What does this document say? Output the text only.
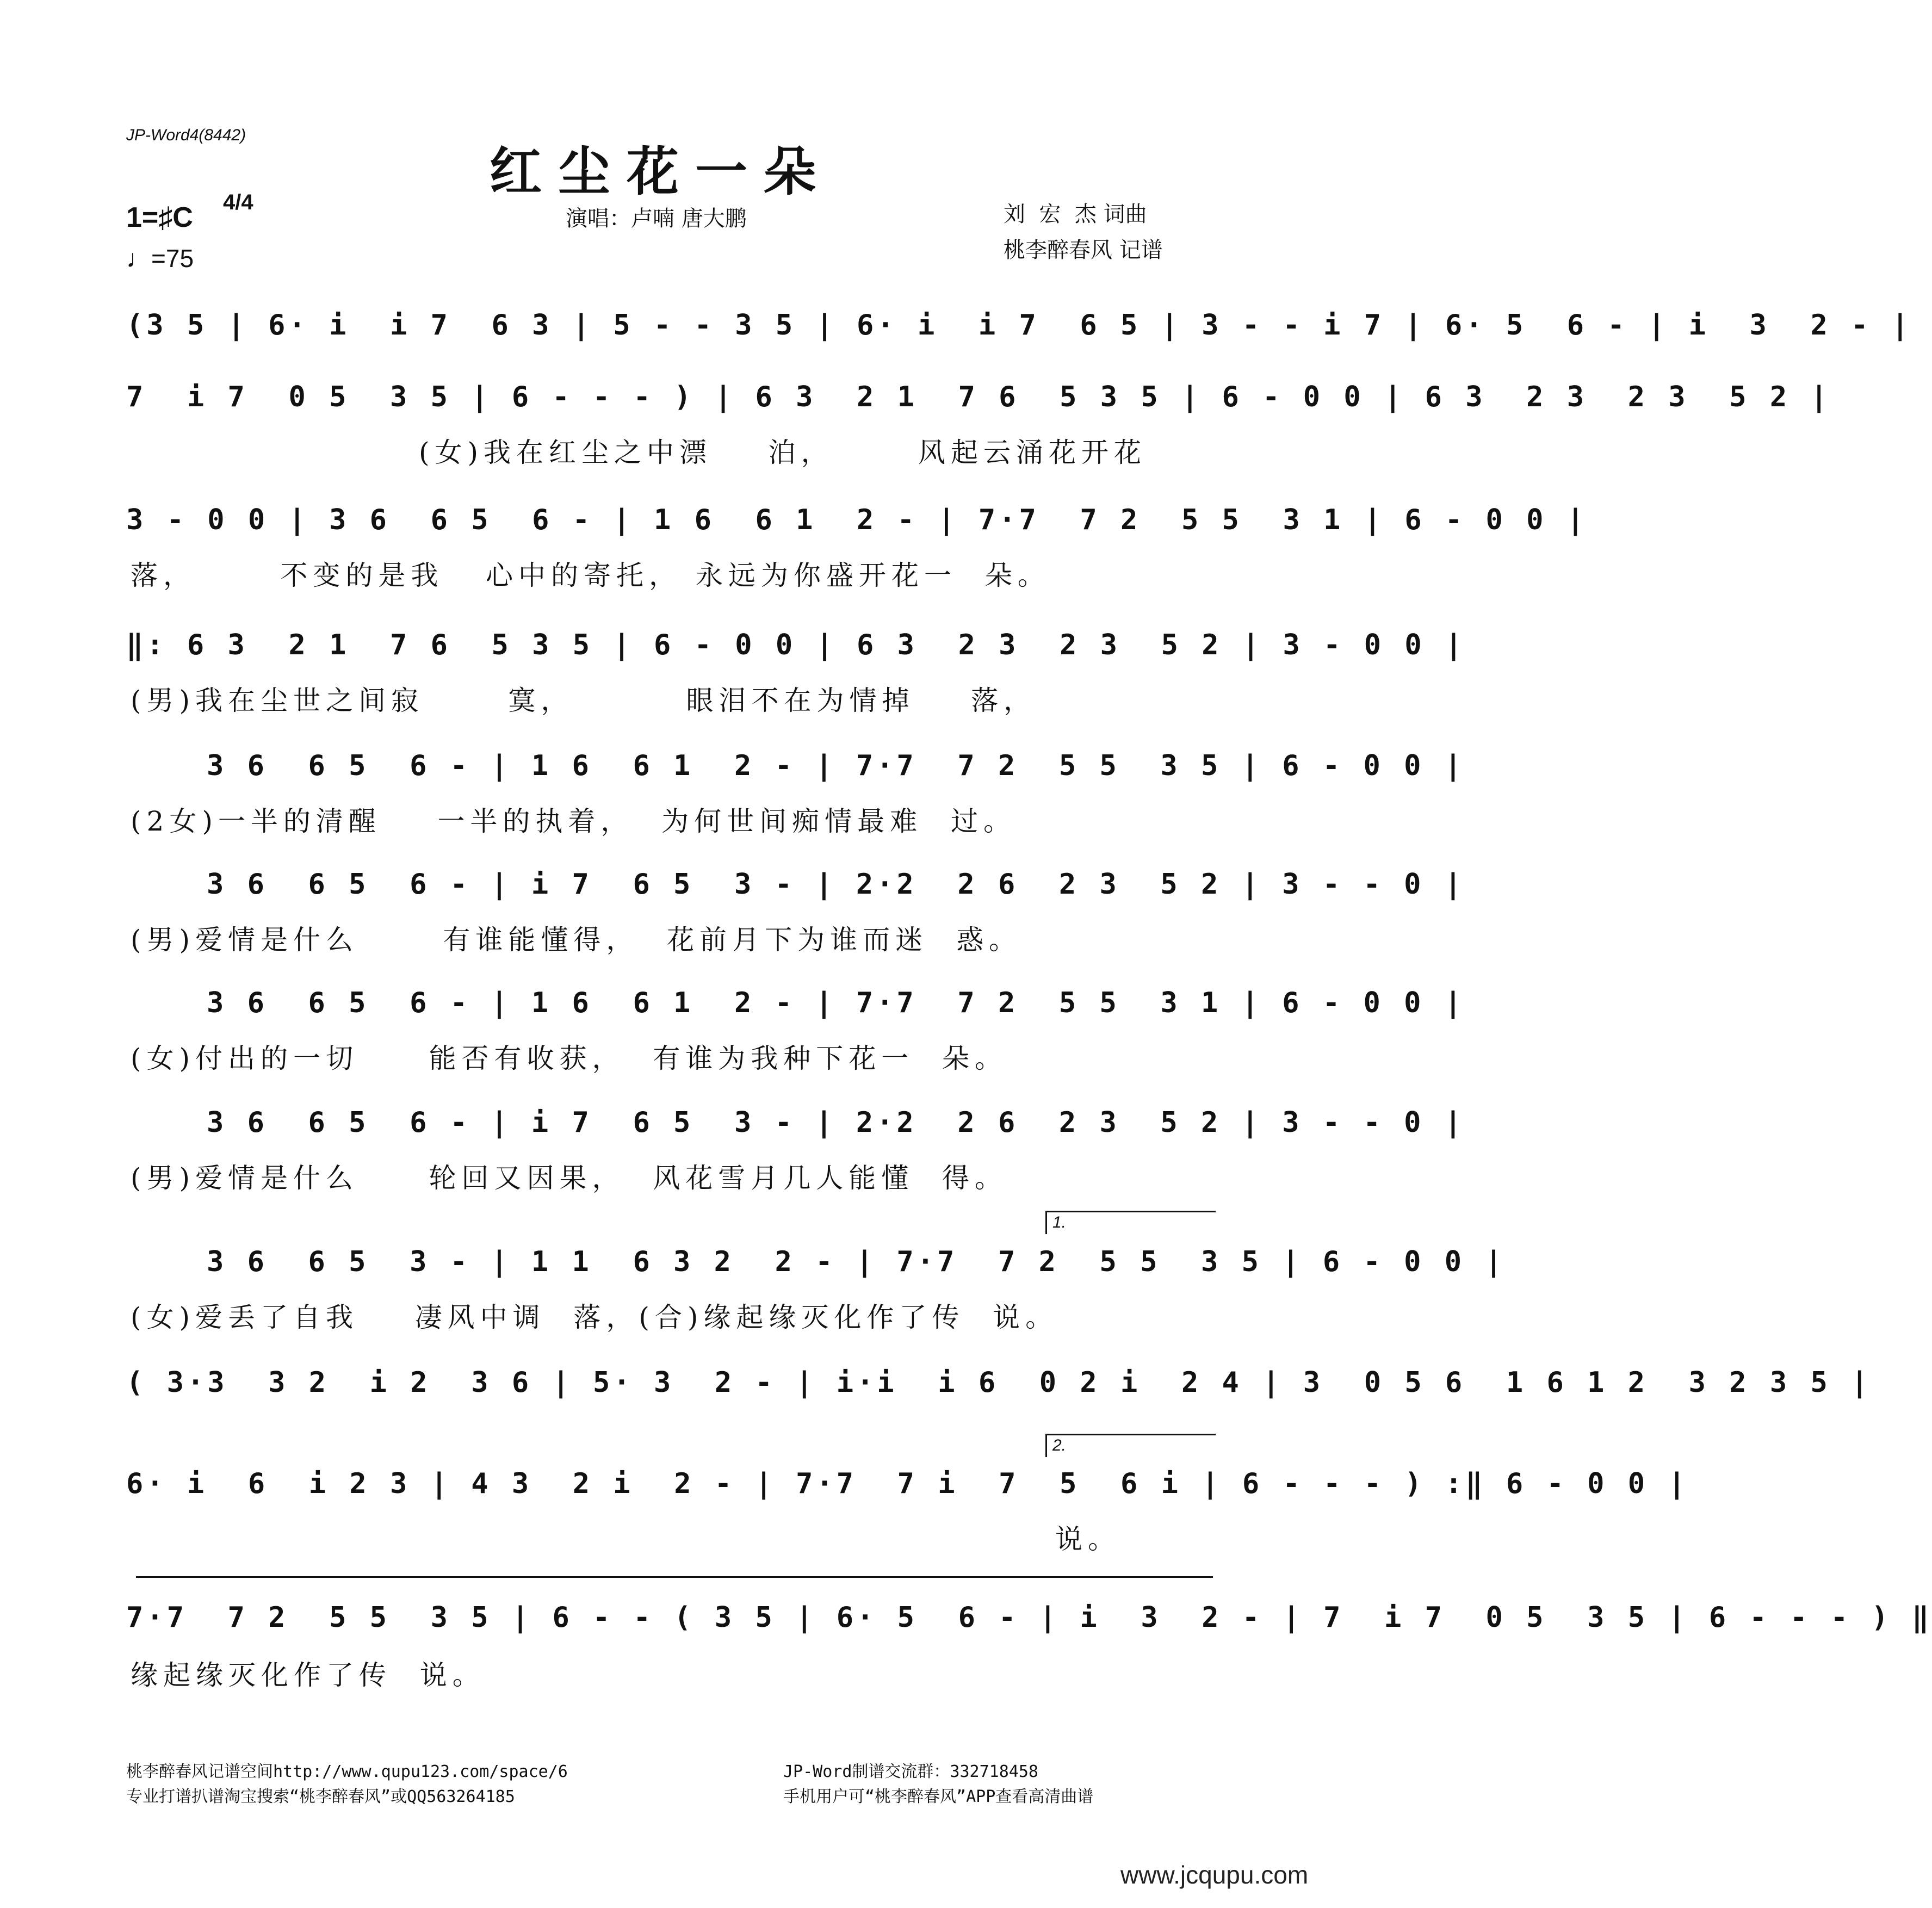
JP-Word4(8442)
红尘花一朵
演唱：卢喃 唐大鹏	刘  宏  杰 词曲
桃李醉春风 记谱
1=♯C 4/4
♩=75
(3 5 | 6· i  i 7  6 3 | 5 - - 3 5 | 6· i  i 7  6 5 | 3 - - i 7 | 6· 5  6 - | i  3  2 - |
7  i 7  0 5  3 5 | 6 - - - ) | 6 3  2 1  7 6  5 3 5 | 6 - 0 0 | 6 3  2 3  2 3  5 2 |
(女)我在红尘之中漂    泊，      风起云涌花开花
3 - 0 0 | 3 6  6 5  6 - | 1 6  6 1  2 - | 7·7  7 2  5 5  3 1 | 6 - 0 0 |
落，      不变的是我   心中的寄托， 永远为你盛开花一  朵。
‖: 6 3  2 1  7 6  5 3 5 | 6 - 0 0 | 6 3  2 3  2 3  5 2 | 3 - 0 0 |
(男)我在尘世之间寂      寞，        眼泪不在为情掉    落，
3 6  6 5  6 - | 1 6  6 1  2 - | 7·7  7 2  5 5  3 5 | 6 - 0 0 |
(2女)一半的清醒    一半的执着，  为何世间痴情最难  过。
3 6  6 5  6 - | i 7  6 5  3 - | 2·2  2 6  2 3  5 2 | 3 - - 0 |
(男)爱情是什么      有谁能懂得，  花前月下为谁而迷  惑。
3 6  6 5  6 - | 1 6  6 1  2 - | 7·7  7 2  5 5  3 1 | 6 - 0 0 |
(女)付出的一切     能否有收获，  有谁为我种下花一  朵。
3 6  6 5  6 - | i 7  6 5  3 - | 2·2  2 6  2 3  5 2 | 3 - - 0 |
(男)爱情是什么     轮回又因果，  风花雪月几人能懂  得。
1.
3 6  6 5  3 - | 1 1  6 3 2  2 - | 7·7  7 2  5 5  3 5 | 6 - 0 0 |
(女)爱丢了自我    凄风中调  落，(合)缘起缘灭化作了传  说。
( 3·3  3 2  i 2  3 6 | 5· 3  2 - | i·i  i 6  0 2 i  2 4 | 3  0 5 6  1 6 1 2  3 2 3 5 |
2.
6· i  6  i 2 3 | 4 3  2 i  2 - | 7·7  7 i  7  5  6 i | 6 - - - ) :‖ 6 - 0 0 |
说。
7·7  7 2  5 5  3 5 | 6 - - ( 3 5 | 6· 5  6 - | i  3  2 - | 7  i 7  0 5  3 5 | 6 - - - ) ‖
缘起缘灭化作了传  说。
桃李醉春风记谱空间http://www.qupu123.com/space/6
专业打谱扒谱淘宝搜索“桃李醉春风”或QQ563264185
JP-Word制谱交流群：332718458
手机用户可“桃李醉春风”APP查看高清曲谱
www.jcqupu.com
